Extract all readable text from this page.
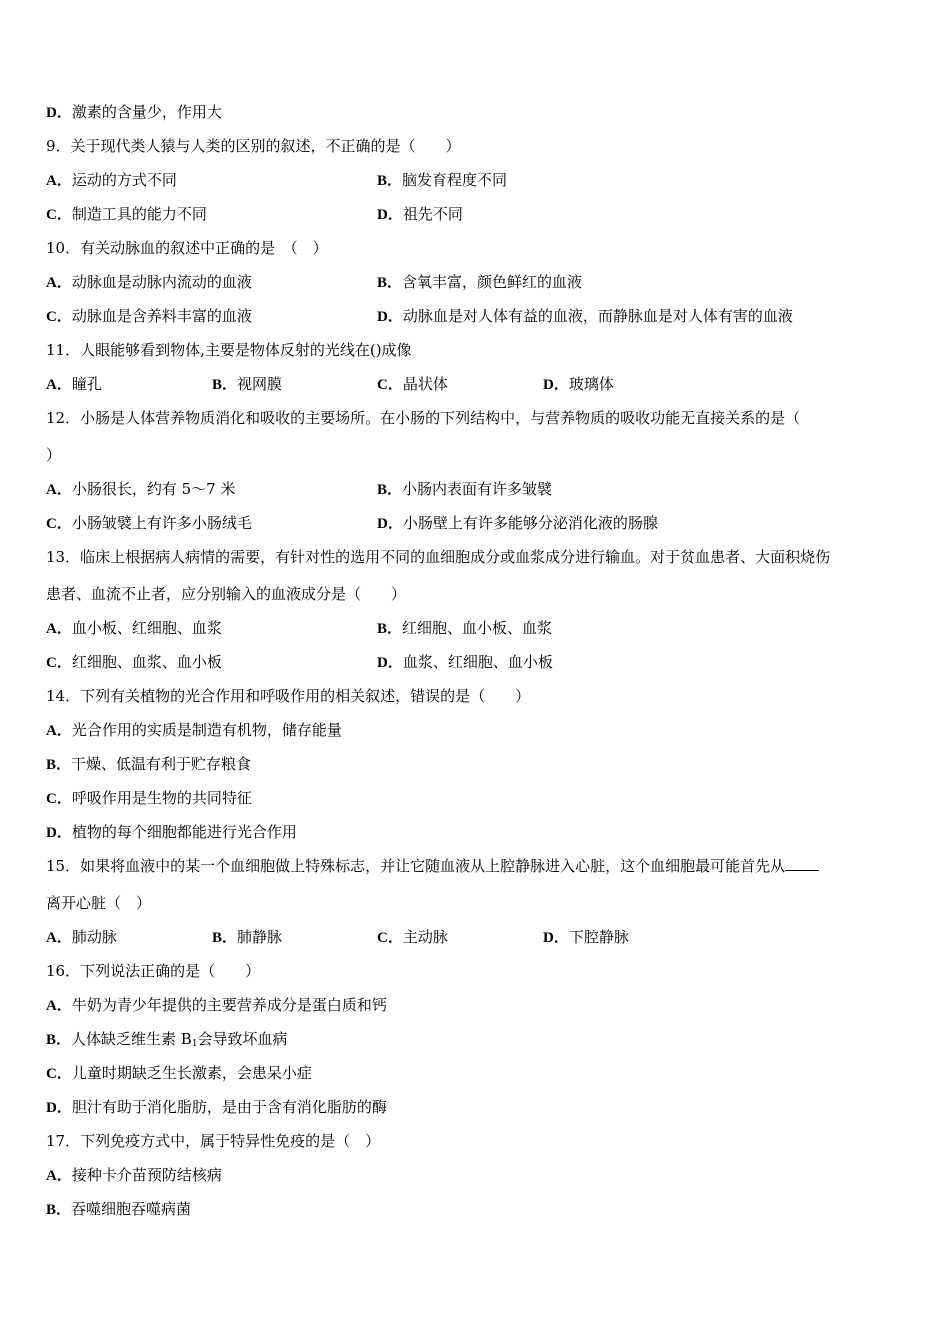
D．激素的含量少，作用大
9．关于现代类人猿与人类的区别的叙述，不正确的是（　　）
A．运动的方式不同	B．脑发育程度不同
C．制造工具的能力不同	D．祖先不同
10．有关动脉血的叙述中正确的是　（　）
A．动脉血是动脉内流动的血液	B．含氧丰富，颜色鲜红的血液
C．动脉血是含养料丰富的血液	D．动脉血是对人体有益的血液，而静脉血是对人体有害的血液
11．人眼能够看到物体,主要是物体反射的光线在()成像
A．瞳孔	B．视网膜	C．晶状体	D．玻璃体
12．小肠是人体营养物质消化和吸收的主要场所。在小肠的下列结构中，与营养物质的吸收功能无直接关系的是（
）
A．小肠很长，约有 5～7 米	B．小肠内表面有许多皱襞
C．小肠皱襞上有许多小肠绒毛	D．小肠壁上有许多能够分泌消化液的肠腺
13．临床上根据病人病情的需要，有针对性的选用不同的血细胞成分或血浆成分进行输血。对于贫血患者、大面积烧伤
患者、血流不止者，应分别输入的血液成分是（　　）
A．血小板、红细胞、血浆	B．红细胞、血小板、血浆
C．红细胞、血浆、血小板	D．血浆、红细胞、血小板
14．下列有关植物的光合作用和呼吸作用的相关叙述，错误的是（　　）
A．光合作用的实质是制造有机物，储存能量
B．干燥、低温有利于贮存粮食
C．呼吸作用是生物的共同特征
D．植物的每个细胞都能进行光合作用
15．如果将血液中的某一个血细胞做上特殊标志，并让它随血液从上腔静脉进入心脏，这个血细胞最可能首先从
离开心脏（　）
A．肺动脉	B．肺静脉	C．主动脉	D．下腔静脉
16．下列说法正确的是（　　）
A．牛奶为青少年提供的主要营养成分是蛋白质和钙
B．人体缺乏维生素 $B_1$会导致坏血病
C．儿童时期缺乏生长激素，会患呆小症
D．胆汁有助于消化脂肪，是由于含有消化脂肪的酶
17．下列免疫方式中，属于特异性免疫的是（　）
A．接种卡介苗预防结核病
B．吞噬细胞吞噬病菌
